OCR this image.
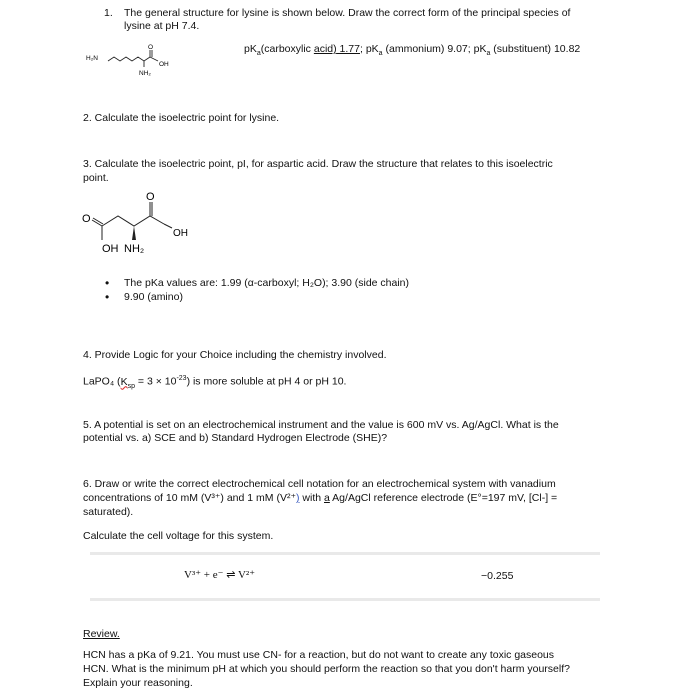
1. The general structure for lysine is shown below. Draw the correct form of the principal species of
lysine at pH 7.4.
H₂N
O
OH
NH₂
$pK_a(carboxylic$ acid) 1.77; $pK_a$ (ammonium) 9.07; $pK_a$ (substituent) 10.82
2. Calculate the isoelectric point for lysine.
3. Calculate the isoelectric point, pI, for aspartic acid. Draw the structure that relates to this isoelectric
point.
O
O
OH
OH NH₂
• The pKa values are: 1.99 (α-carboxyl; H₂O); 3.90 (side chain)
• 9.90 (amino)
4. Provide Logic for your Choice including the chemistry involved.
LaPO₄ $(K_{sp} = 3 \times 10^{-23})$ is more soluble at pH 4 or pH 10.
5. A potential is set on an electrochemical instrument and the value is 600 mV vs. Ag/AgCl. What is the
potential vs. a) SCE and b) Standard Hydrogen Electrode (SHE)?
6. Draw or write the correct electrochemical cell notation for an electrochemical system with vanadium
concentrations of 10 mM (V³⁺) and 1 mM (V²⁺) with a Ag/AgCl reference electrode (E°=197 mV, [Cl-] =
saturated).
Calculate the cell voltage for this system.
V³⁺ + e⁻ ⇌ V²⁺	−0.255
Review.
HCN has a pKa of 9.21. You must use CN- for a reaction, but do not want to create any toxic gaseous
HCN. What is the minimum pH at which you should perform the reaction so that you don't harm yourself?
Explain your reasoning.
